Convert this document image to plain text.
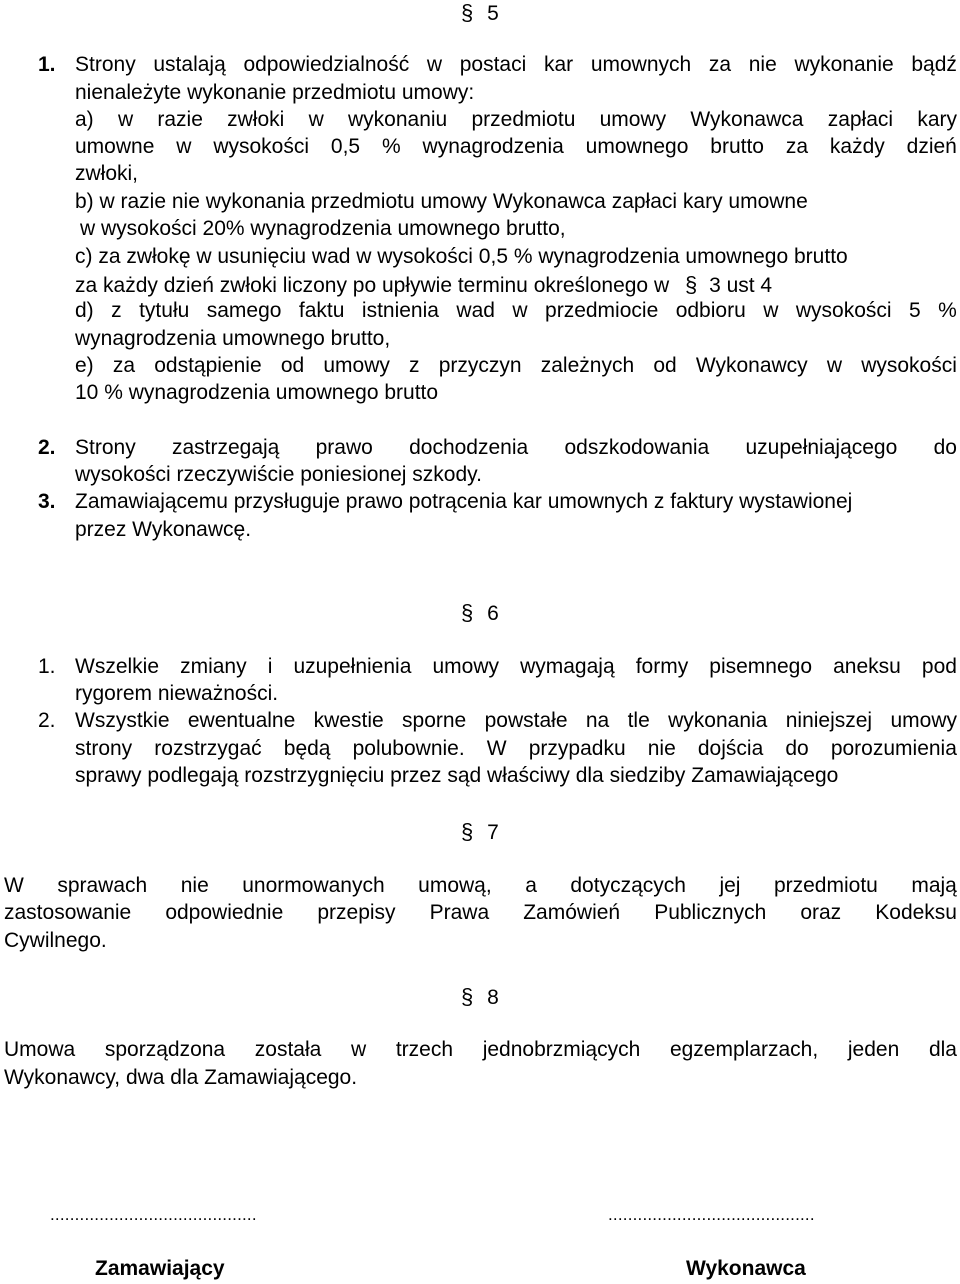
§ 5
1. Strony ustalają odpowiedzialność w postaci kar umownych za nie wykonanie bądź
nienależyte wykonanie przedmiotu umowy:
a) w razie zwłoki w wykonaniu przedmiotu umowy Wykonawca zapłaci kary
umowne w wysokości 0,5 % wynagrodzenia umownego brutto za każdy dzień
zwłoki,
b) w razie nie wykonania przedmiotu umowy Wykonawca zapłaci kary umowne
w wysokości 20% wynagrodzenia umownego brutto,
c) za zwłokę w usunięciu wad w wysokości 0,5 % wynagrodzenia umownego brutto
za każdy dzień zwłoki liczony po upływie terminu określonego w § 3 ust 4
d) z tytułu samego faktu istnienia wad w przedmiocie odbioru w wysokości 5 %
wynagrodzenia umownego brutto,
e) za odstąpienie od umowy z przyczyn zależnych od Wykonawcy w wysokości
10 % wynagrodzenia umownego brutto
2. Strony zastrzegają prawo dochodzenia odszkodowania uzupełniającego do
wysokości rzeczywiście poniesionej szkody.
3. Zamawiającemu przysługuje prawo potrącenia kar umownych z faktury wystawionej
przez Wykonawcę.
§ 6
1. Wszelkie zmiany i uzupełnienia umowy wymagają formy pisemnego aneksu pod
rygorem nieważności.
2. Wszystkie ewentualne kwestie sporne powstałe na tle wykonania niniejszej umowy
strony rozstrzygać będą polubownie. W przypadku nie dojścia do porozumienia
sprawy podlegają rozstrzygnięciu przez sąd właściwy dla siedziby Zamawiającego
§ 7
W sprawach nie unormowanych umową, a dotyczących jej przedmiotu mają
zastosowanie odpowiednie przepisy Prawa Zamówień Publicznych oraz Kodeksu
Cywilnego.
§ 8
Umowa sporządzona została w trzech jednobrzmiących egzemplarzach, jeden dla
Wykonawcy, dwa dla Zamawiającego.
..........................................	..........................................
Zamawiający	Wykonawca
